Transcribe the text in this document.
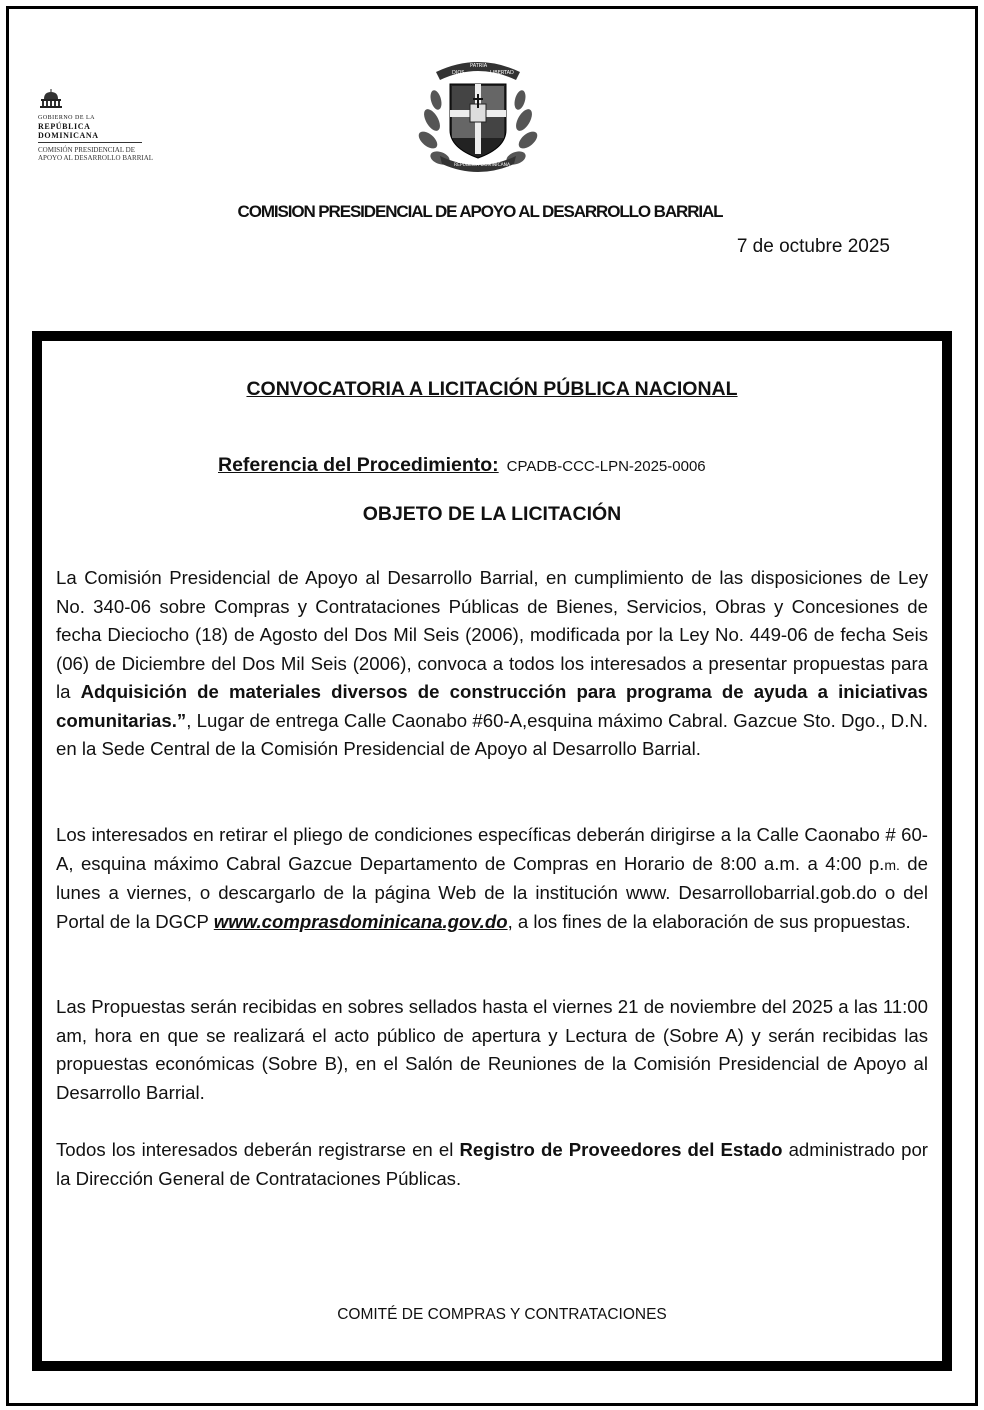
GOBIERNO DE LA
REPÚBLICA DOMINICANA
COMISIÓN PRESIDENCIAL DE
APOYO AL DESARROLLO BARRIAL
DIOS
PATRIA
LIBERTAD
REPÚBLICA DOMINICANA
COMISION PRESIDENCIAL DE APOYO AL DESARROLLO BARRIAL
7 de octubre 2025
CONVOCATORIA A LICITACIÓN PÚBLICA NACIONAL
Referencia del Procedimiento: CPADB-CCC-LPN-2025-0006
OBJETO DE LA LICITACIÓN
La Comisión Presidencial de Apoyo al Desarrollo Barrial, en cumplimiento de las disposiciones de Ley No. 340-06 sobre Compras y Contrataciones Públicas de Bienes, Servicios, Obras y Concesiones de fecha Dieciocho (18) de Agosto del Dos Mil Seis (2006), modificada por la Ley No. 449-06 de fecha Seis (06) de Diciembre del Dos Mil Seis (2006), convoca a todos los interesados a presentar propuestas para la Adquisición de materiales diversos de construcción para programa de ayuda a iniciativas comunitarias.”, Lugar de entrega Calle Caonabo #60-A,esquina máximo Cabral. Gazcue Sto. Dgo., D.N. en la Sede Central de la Comisión Presidencial de Apoyo al Desarrollo Barrial.
Los interesados en retirar el pliego de condiciones específicas deberán dirigirse a la Calle Caonabo # 60-A, esquina máximo Cabral Gazcue Departamento de Compras en Horario de 8:00 a.m. a 4:00 p.m. de lunes a viernes, o descargarlo de la página Web de la institución www. Desarrollobarrial.gob.do o del Portal de la DGCP www.comprasdominicana.gov.do, a los fines de la elaboración de sus propuestas.
Las Propuestas serán recibidas en sobres sellados hasta el viernes 21 de noviembre del 2025 a las 11:00 am, hora en que se realizará el acto público de apertura y Lectura de (Sobre A) y serán recibidas las propuestas económicas (Sobre B), en el Salón de Reuniones de la Comisión Presidencial de Apoyo al Desarrollo Barrial.
Todos los interesados deberán registrarse en el Registro de Proveedores del Estado administrado por la Dirección General de Contrataciones Públicas.
COMITÉ DE COMPRAS Y CONTRATACIONES
